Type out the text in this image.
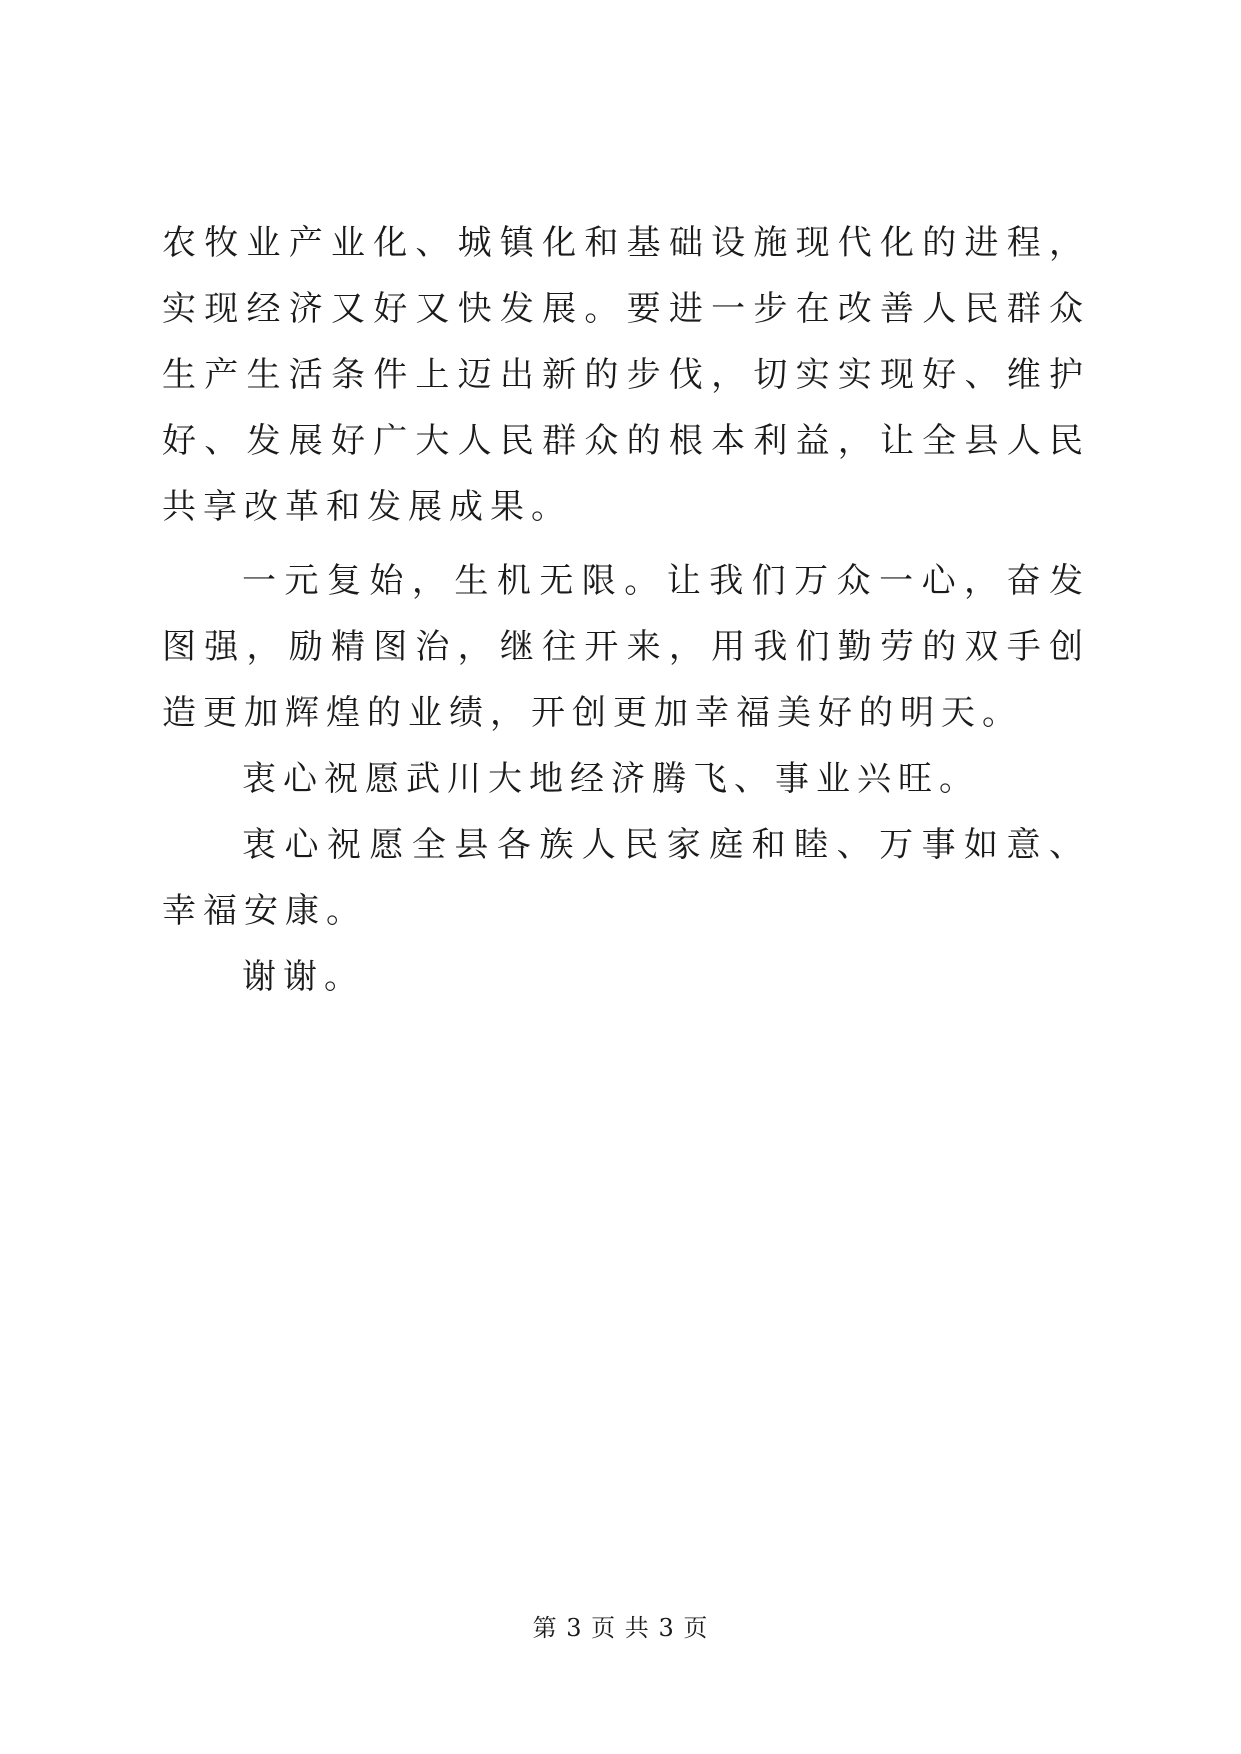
农牧业产业化、城镇化和基础设施现代化的进程，实现经济又好又快发展。要进一步在改善人民群众生产生活条件上迈出新的步伐，切实实现好、维护好、发展好广大人民群众的根本利益，让全县人民共享改革和发展成果。

一元复始，生机无限。让我们万众一心，奋发图强，励精图治，继往开来，用我们勤劳的双手创造更加辉煌的业绩，开创更加幸福美好的明天。

衷心祝愿武川大地经济腾飞、事业兴旺。

衷心祝愿全县各族人民家庭和睦、万事如意、幸福安康。

谢谢。

第 3 页 共 3 页
